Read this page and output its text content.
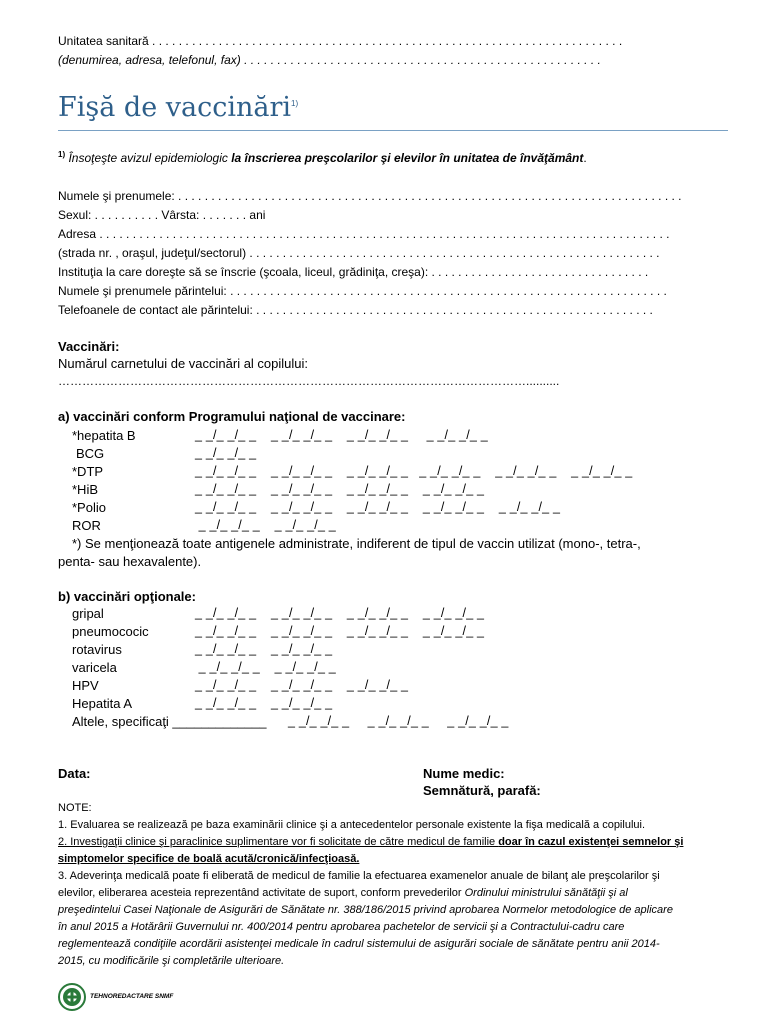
Unitatea sanitară . . . . . . . . . . . . . . . . . . . . . . . . . . . . . . . . . . . . . . . . . . . . . . . . . . . . . . . . . . . . . . . . . . . . . . .
(denumirea, adresa, telefonul, fax) . . . . . . . . . . . . . . . . . . . . . . . . . . . . . . . . . . . . . . . . . . . . . . . . . . . . . .
Fişă de vaccinări$^{1)}$
$^{1)}$ Însoţeşte avizul epidemiologic la înscrierea preşcolarilor şi elevilor în unitatea de învăţământ.
Numele şi prenumele: . . . . . . . . . . . . . . . . . . . . . . . . . . . . . . . . . . . . . . . . . . . . . . . . . . . . . . . . . . . . . . . . . . . . . . . . . . . .
Sexul: . . . . . . . . . . Vârsta: . . . . . . . ani
Adresa . . . . . . . . . . . . . . . . . . . . . . . . . . . . . . . . . . . . . . . . . . . . . . . . . . . . . . . . . . . . . . . . . . . . . . . . . . . . . . . . . . . . . .
(strada nr. , oraşul, judeţul/sectorul) . . . . . . . . . . . . . . . . . . . . . . . . . . . . . . . . . . . . . . . . . . . . . . . . . . . . . . . . . . . . . .
Instituţia la care doreşte să se înscrie (şcoala, liceul, grădiniţa, creşa): . . . . . . . . . . . . . . . . . . . . . . . . . . . . . . . . .
Numele şi prenumele părintelui: . . . . . . . . . . . . . . . . . . . . . . . . . . . . . . . . . . . . . . . . . . . . . . . . . . . . . . . . . . . . . . . . . .
Telefoanele de contact ale părintelui: . . . . . . . . . . . . . . . . . . . . . . . . . . . . . . . . . . . . . . . . . . . . . . . . . . . . . . . . . . . .
Vaccinări:
Numărul carnetului de vaccinări al copilului:
………………………………………………………………………………………………………..........
a) vaccinări conform Programului naţional de vaccinare:
*hepatita B	_ _/_ _/_ _    _ _/_ _/_ _    _ _/_ _/_ _     _ _/_ _/_ _
BCG	_ _/_ _/_ _
*DTP	_ _/_ _/_ _    _ _/_ _/_ _    _ _/_ _/_ _   _ _/_ _/_ _    _ _/_ _/_ _    _ _/_ _/_ _
*HiB	_ _/_ _/_ _    _ _/_ _/_ _    _ _/_ _/_ _    _ _/_ _/_ _
*Polio	_ _/_ _/_ _    _ _/_ _/_ _    _ _/_ _/_ _    _ _/_ _/_ _    _ _/_ _/_ _
ROR	_ _/_ _/_ _    _ _/_ _/_ _
*) Se menţionează toate antigenele administrate, indiferent de tipul de vaccin utilizat (mono-, tetra-,
penta- sau hexavalente).
b) vaccinări opţionale:
gripal	_ _/_ _/_ _    _ _/_ _/_ _    _ _/_ _/_ _    _ _/_ _/_ _
pneumococic	_ _/_ _/_ _    _ _/_ _/_ _    _ _/_ _/_ _    _ _/_ _/_ _
rotavirus	_ _/_ _/_ _    _ _/_ _/_ _
varicela	_ _/_ _/_ _    _ _/_ _/_ _
HPV	_ _/_ _/_ _    _ _/_ _/_ _    _ _/_ _/_ _
Hepatita A	_ _/_ _/_ _    _ _/_ _/_ _
Altele, specificaţi _____________ _ _/_ _/_ _     _ _/_ _/_ _     _ _/_ _/_ _
Data:	Nume medic:
Semnătură, parafă:
NOTE:
1. Evaluarea se realizează pe baza examinării clinice şi a antecedentelor personale existente la fişa medicală a copilului.
2. Investigaţii clinice şi paraclinice suplimentare vor fi solicitate de către medicul de familie doar în cazul existenţei semnelor şi
simptomelor specifice de boală acută/cronică/infecţioasă.
3. Adeverinţa medicală poate fi eliberată de medicul de familie la efectuarea examenelor anuale de bilanţ ale preşcolarilor şi
elevilor, eliberarea acesteia reprezentând activitate de suport, conform prevederilor Ordinului ministrului sănătăţii şi al
preşedintelui Casei Naţionale de Asigurări de Sănătate nr. 388/186/2015 privind aprobarea Normelor metodologice de aplicare
în anul 2015 a Hotărârii Guvernului nr. 400/2014 pentru aprobarea pachetelor de servicii şi a Contractului-cadru care
reglementează condiţiile acordării asistenţei medicale în cadrul sistemului de asigurări sociale de sănătate pentru anii 2014-
2015, cu modificările şi completările ulterioare.
TEHNOREDACTARE SNMF
